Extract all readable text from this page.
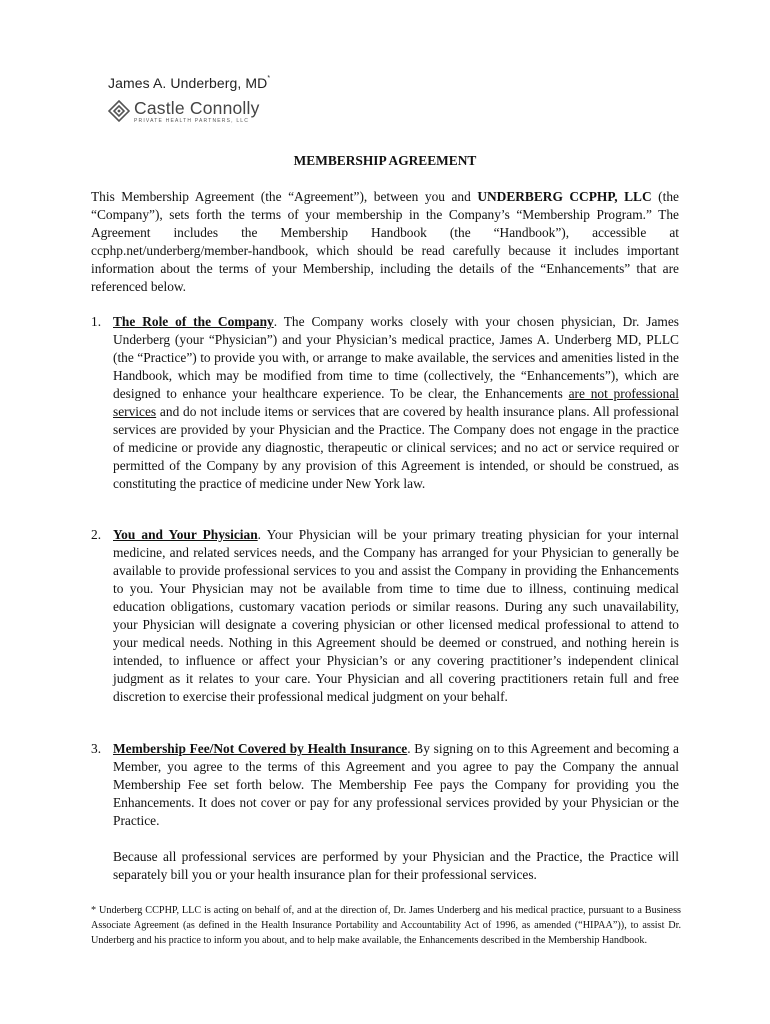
James A. Underberg, MD*
Castle Connolly
PRIVATE HEALTH PARTNERS, LLC
MEMBERSHIP AGREEMENT
This Membership Agreement (the “Agreement”), between you and UNDERBERG CCPHP, LLC (the “Company”), sets forth the terms of your membership in the Company’s “Membership Program.” The Agreement includes the Membership Handbook (the “Handbook”), accessible at ccphp.net/underberg/member-handbook, which should be read carefully because it includes important information about the terms of your Membership, including the details of the “Enhancements” that are referenced below.
1. The Role of the Company. The Company works closely with your chosen physician, Dr. James Underberg (your “Physician”) and your Physician’s medical practice, James A. Underberg MD, PLLC (the “Practice”) to provide you with, or arrange to make available, the services and amenities listed in the Handbook, which may be modified from time to time (collectively, the “Enhancements”), which are designed to enhance your healthcare experience. To be clear, the Enhancements are not professional services and do not include items or services that are covered by health insurance plans. All professional services are provided by your Physician and the Practice. The Company does not engage in the practice of medicine or provide any diagnostic, therapeutic or clinical services; and no act or service required or permitted of the Company by any provision of this Agreement is intended, or should be construed, as constituting the practice of medicine under New York law.
2. You and Your Physician. Your Physician will be your primary treating physician for your internal medicine, and related services needs, and the Company has arranged for your Physician to generally be available to provide professional services to you and assist the Company in providing the Enhancements to you. Your Physician may not be available from time to time due to illness, continuing medical education obligations, customary vacation periods or similar reasons. During any such unavailability, your Physician will designate a covering physician or other licensed medical professional to attend to your medical needs. Nothing in this Agreement should be deemed or construed, and nothing herein is intended, to influence or affect your Physician’s or any covering practitioner’s independent clinical judgment as it relates to your care. Your Physician and all covering practitioners retain full and free discretion to exercise their professional medical judgment on your behalf.
3. Membership Fee/Not Covered by Health Insurance. By signing on to this Agreement and becoming a Member, you agree to the terms of this Agreement and you agree to pay the Company the annual Membership Fee set forth below. The Membership Fee pays the Company for providing you the Enhancements. It does not cover or pay for any professional services provided by your Physician or the Practice.
Because all professional services are performed by your Physician and the Practice, the Practice will separately bill you or your health insurance plan for their professional services.
* Underberg CCPHP, LLC is acting on behalf of, and at the direction of, Dr. James Underberg and his medical practice, pursuant to a Business Associate Agreement (as defined in the Health Insurance Portability and Accountability Act of 1996, as amended (“HIPAA”)), to assist Dr. Underberg and his practice to inform you about, and to help make available, the Enhancements described in the Membership Handbook.
